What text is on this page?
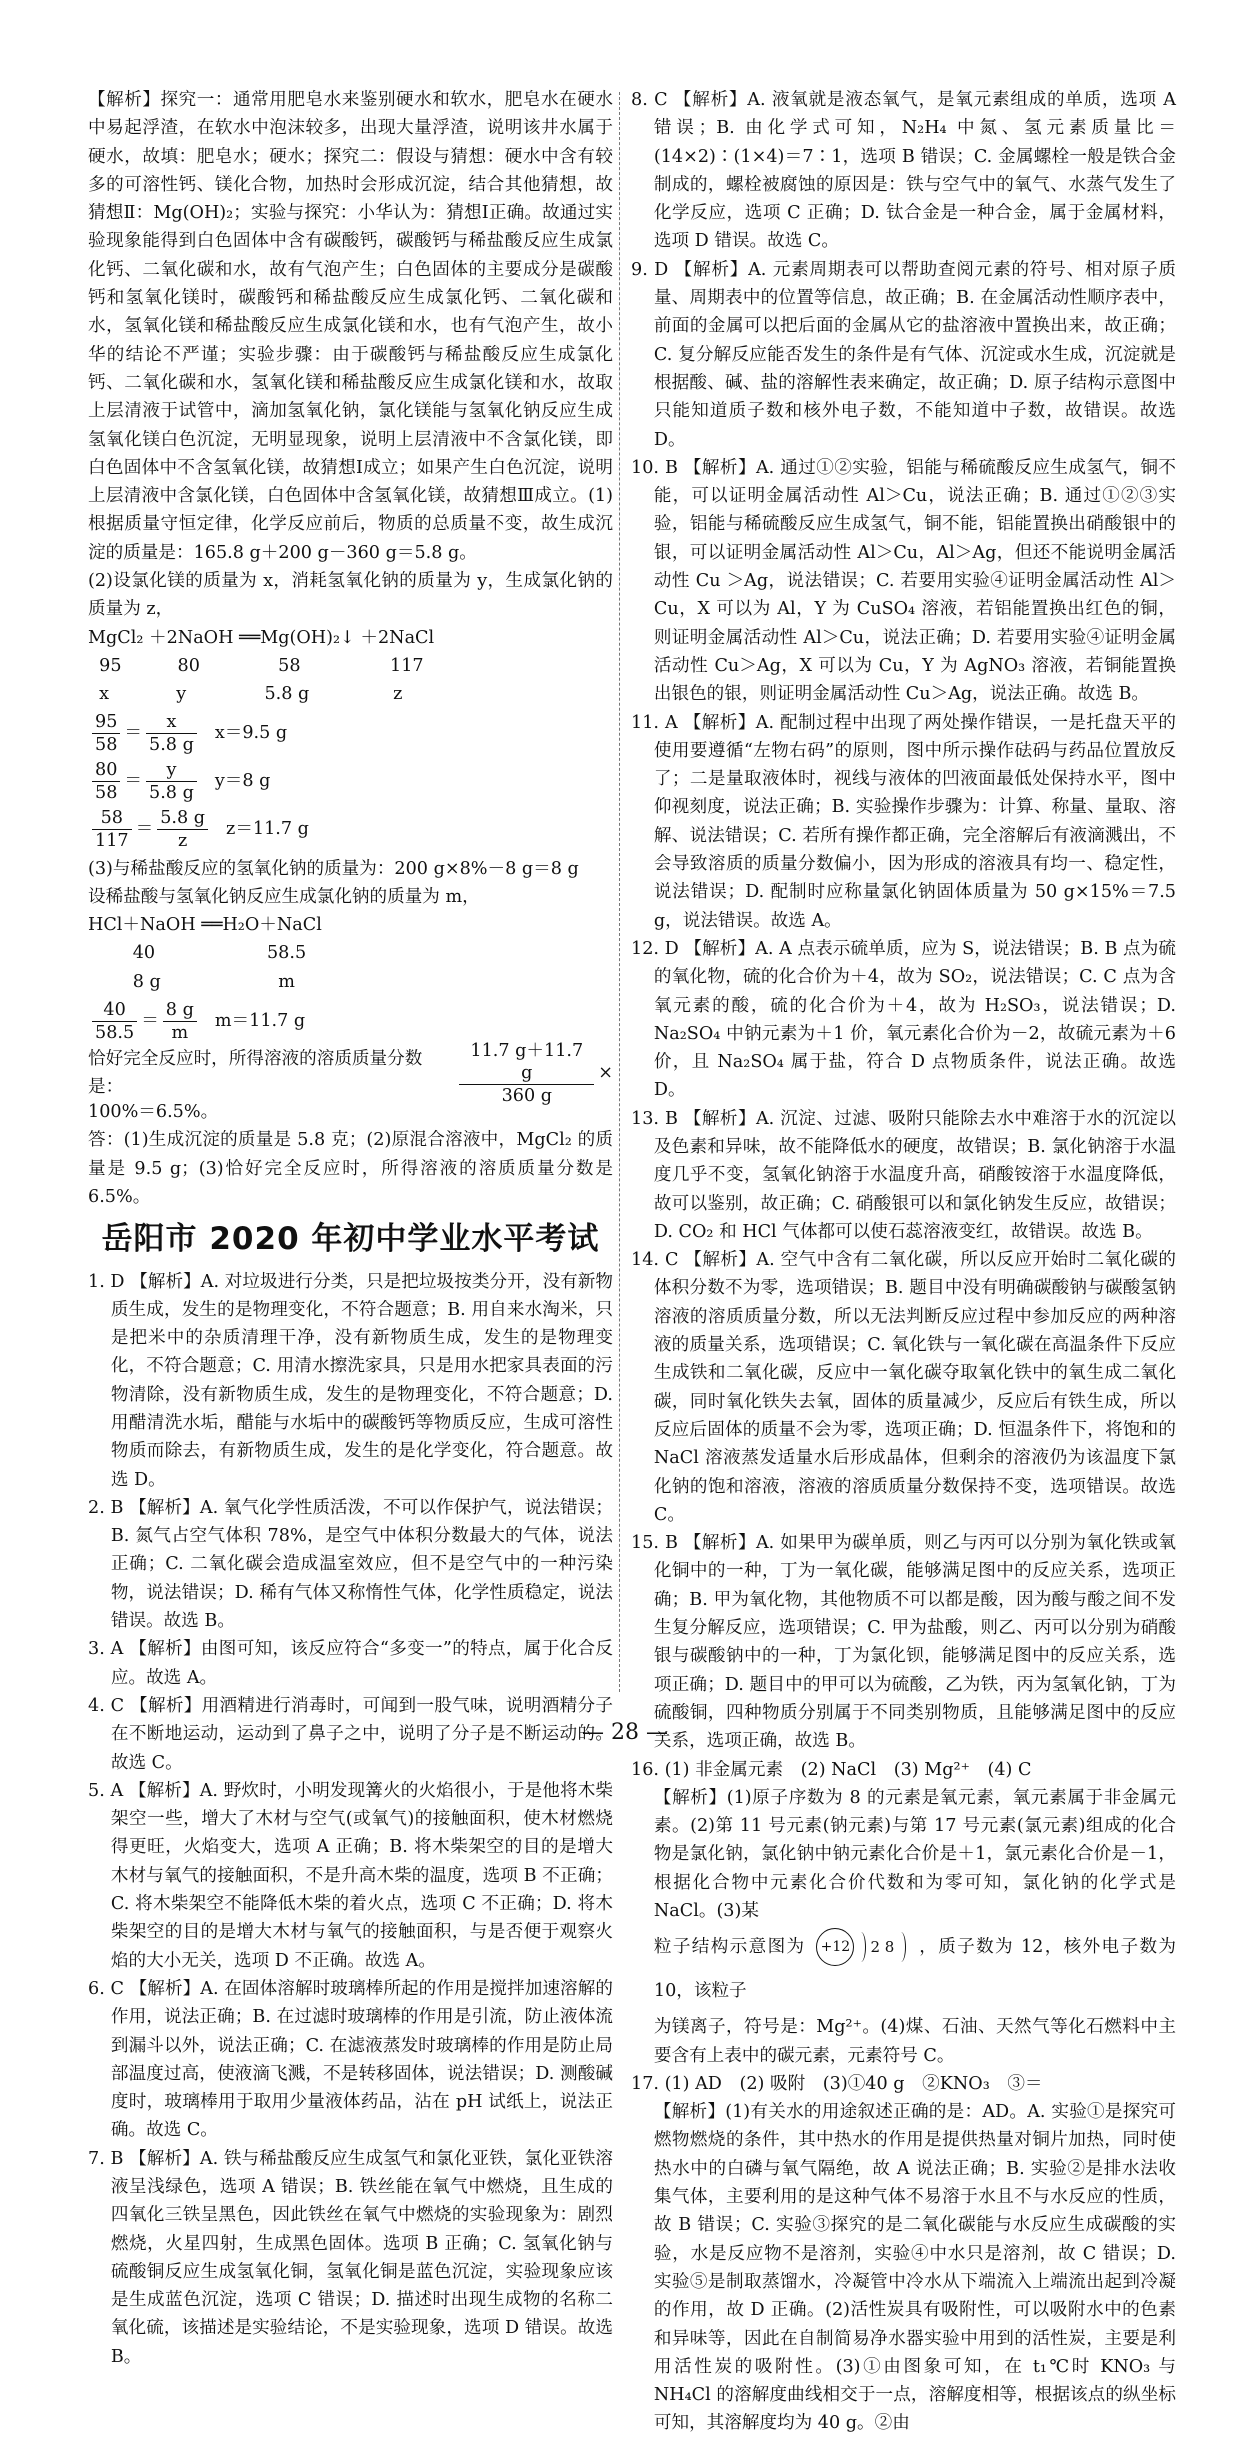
【解析】探究一：通常用肥皂水来鉴别硬水和软水，肥皂水在硬水中易起浮渣，在软水中泡沫较多，出现大量浮渣，说明该井水属于硬水，故填：肥皂水；硬水；探究二：假设与猜想：硬水中含有较多的可溶性钙、镁化合物，加热时会形成沉淀，结合其他猜想，故猜想Ⅱ：Mg(OH)₂；实验与探究：小华认为：猜想Ⅰ正确。故通过实验现象能得到白色固体中含有碳酸钙，碳酸钙与稀盐酸反应生成氯化钙、二氧化碳和水，故有气泡产生；白色固体的主要成分是碳酸钙和氢氧化镁时，碳酸钙和稀盐酸反应生成氯化钙、二氧化碳和水，氢氧化镁和稀盐酸反应生成氯化镁和水，也有气泡产生，故小华的结论不严谨；实验步骤：由于碳酸钙与稀盐酸反应生成氯化钙、二氧化碳和水，氢氧化镁和稀盐酸反应生成氯化镁和水，故取上层清液于试管中，滴加氢氧化钠，氯化镁能与氢氧化钠反应生成氢氧化镁白色沉淀，无明显现象，说明上层清液中不含氯化镁，即白色固体中不含氢氧化镁，故猜想Ⅰ成立；如果产生白色沉淀，说明上层清液中含氯化镁，白色固体中含氢氧化镁，故猜想Ⅲ成立。(1)根据质量守恒定律，化学反应前后，物质的总质量不变，故生成沉淀的质量是：165.8 g＋200 g－360 g＝5.8 g。

(2)设氯化镁的质量为 x，消耗氢氧化钠的质量为 y，生成氯化钠的质量为 z，

MgCl₂ ＋2NaOH ══Mg(OH)₂↓ ＋2NaCl

95          80              58                117

x            y              5.8 g               z

$\frac{95}{58} = \frac{x}{5.8 g} x=9.5$ g
$\frac{80}{58} = \frac{y}{5.8 g} y=8$ g
$\frac{58}{117} = \frac{5.8 g}{z} z=11.7$ g

(3)与稀盐酸反应的氢氧化钠的质量为：200 g×8%－8 g＝8 g

设稀盐酸与氢氧化钠反应生成氯化钠的质量为 m，

HCl＋NaOH ══H₂O＋NaCl

40                    58.5

8 g                     m

$\frac{40}{58.5} = \frac{8 g}{m} m=11.7$ g
恰好完全反应时，所得溶液的溶质质量分数是：	$\frac{11.7 g+11.7 g}{360 g}$ ×

100%＝6.5%。

答：(1)生成沉淀的质量是 5.8 克；(2)原混合溶液中，MgCl₂ 的质量是 9.5 g；(3)恰好完全反应时，所得溶液的溶质质量分数是 6.5%。

岳阳市 2020 年初中学业水平考试

1. D 【解析】A. 对垃圾进行分类，只是把垃圾按类分开，没有新物质生成，发生的是物理变化，不符合题意；B. 用自来水淘米，只是把米中的杂质清理干净，没有新物质生成，发生的是物理变化，不符合题意；C. 用清水擦洗家具，只是用水把家具表面的污物清除，没有新物质生成，发生的是物理变化，不符合题意；D. 用醋清洗水垢，醋能与水垢中的碳酸钙等物质反应，生成可溶性物质而除去，有新物质生成，发生的是化学变化，符合题意。故选 D。

2. B 【解析】A. 氧气化学性质活泼，不可以作保护气，说法错误；B. 氮气占空气体积 78%，是空气中体积分数最大的气体，说法正确；C. 二氧化碳会造成温室效应，但不是空气中的一种污染物，说法错误；D. 稀有气体又称惰性气体，化学性质稳定，说法错误。故选 B。

3. A 【解析】由图可知，该反应符合“多变一”的特点，属于化合反应。故选 A。

4. C 【解析】用酒精进行消毒时，可闻到一股气味，说明酒精分子在不断地运动，运动到了鼻子之中，说明了分子是不断运动的。故选 C。

5. A 【解析】A. 野炊时，小明发现篝火的火焰很小，于是他将木柴架空一些，增大了木材与空气(或氧气)的接触面积，使木材燃烧得更旺，火焰变大，选项 A 正确；B. 将木柴架空的目的是增大木材与氧气的接触面积，不是升高木柴的温度，选项 B 不正确；C. 将木柴架空不能降低木柴的着火点，选项 C 不正确；D. 将木柴架空的目的是增大木材与氧气的接触面积，与是否便于观察火焰的大小无关，选项 D 不正确。故选 A。

6. C 【解析】A. 在固体溶解时玻璃棒所起的作用是搅拌加速溶解的作用，说法正确；B. 在过滤时玻璃棒的作用是引流，防止液体流到漏斗以外，说法正确；C. 在滤液蒸发时玻璃棒的作用是防止局部温度过高，使液滴飞溅，不是转移固体，说法错误；D. 测酸碱度时，玻璃棒用于取用少量液体药品，沾在 pH 试纸上，说法正确。故选 C。

7. B 【解析】A. 铁与稀盐酸反应生成氢气和氯化亚铁，氯化亚铁溶液呈浅绿色，选项 A 错误；B. 铁丝能在氧气中燃烧，且生成的四氧化三铁呈黑色，因此铁丝在氧气中燃烧的实验现象为：剧烈燃烧，火星四射，生成黑色固体。选项 B 正确；C. 氢氧化钠与硫酸铜反应生成氢氧化铜，氢氧化铜是蓝色沉淀，实验现象应该是生成蓝色沉淀，选项 C 错误；D. 描述时出现生成物的名称二氧化硫，该描述是实验结论，不是实验现象，选项 D 错误。故选 B。

8. C 【解析】A. 液氧就是液态氧气，是氧元素组成的单质，选项 A 错误；B. 由化学式可知，N₂H₄ 中氮、氢元素质量比＝(14×2)∶(1×4)＝7∶1，选项 B 错误；C. 金属螺栓一般是铁合金制成的，螺栓被腐蚀的原因是：铁与空气中的氧气、水蒸气发生了化学反应，选项 C 正确；D. 钛合金是一种合金，属于金属材料，选项 D 错误。故选 C。

9. D 【解析】A. 元素周期表可以帮助查阅元素的符号、相对原子质量、周期表中的位置等信息，故正确；B. 在金属活动性顺序表中，前面的金属可以把后面的金属从它的盐溶液中置换出来，故正确；C. 复分解反应能否发生的条件是有气体、沉淀或水生成，沉淀就是根据酸、碱、盐的溶解性表来确定，故正确；D. 原子结构示意图中只能知道质子数和核外电子数，不能知道中子数，故错误。故选 D。

10. B 【解析】A. 通过①②实验，铝能与稀硫酸反应生成氢气，铜不能，可以证明金属活动性 Al＞Cu，说法正确；B. 通过①②③实验，铝能与稀硫酸反应生成氢气，铜不能，铝能置换出硝酸银中的银，可以证明金属活动性 Al＞Cu，Al＞Ag，但还不能说明金属活动性 Cu ＞Ag，说法错误；C. 若要用实验④证明金属活动性 Al＞Cu，X 可以为 Al，Y 为 CuSO₄ 溶液，若铝能置换出红色的铜，则证明金属活动性 Al＞Cu，说法正确；D. 若要用实验④证明金属活动性 Cu＞Ag，X 可以为 Cu，Y 为 AgNO₃ 溶液，若铜能置换出银色的银，则证明金属活动性 Cu＞Ag，说法正确。故选 B。

11. A 【解析】A. 配制过程中出现了两处操作错误，一是托盘天平的使用要遵循“左物右码”的原则，图中所示操作砝码与药品位置放反了；二是量取液体时，视线与液体的凹液面最低处保持水平，图中仰视刻度，说法正确；B. 实验操作步骤为：计算、称量、量取、溶解、说法错误；C. 若所有操作都正确，完全溶解后有液滴溅出，不会导致溶质的质量分数偏小，因为形成的溶液具有均一、稳定性，说法错误；D. 配制时应称量氯化钠固体质量为 50 g×15%＝7.5 g，说法错误。故选 A。

12. D 【解析】A. A 点表示硫单质，应为 S，说法错误；B. B 点为硫的氧化物，硫的化合价为＋4，故为 SO₂，说法错误；C. C 点为含氧元素的酸，硫的化合价为＋4，故为 H₂SO₃，说法错误；D. Na₂SO₄ 中钠元素为＋1 价，氧元素化合价为－2，故硫元素为＋6 价，且 Na₂SO₄ 属于盐，符合 D 点物质条件，说法正确。故选 D。

13. B 【解析】A. 沉淀、过滤、吸附只能除去水中难溶于水的沉淀以及色素和异味，故不能降低水的硬度，故错误；B. 氯化钠溶于水温度几乎不变，氢氧化钠溶于水温度升高，硝酸铵溶于水温度降低，故可以鉴别，故正确；C. 硝酸银可以和氯化钠发生反应，故错误；D. CO₂ 和 HCl 气体都可以使石蕊溶液变红，故错误。故选 B。

14. C 【解析】A. 空气中含有二氧化碳，所以反应开始时二氧化碳的体积分数不为零，选项错误；B. 题目中没有明确碳酸钠与碳酸氢钠溶液的溶质质量分数，所以无法判断反应过程中参加反应的两种溶液的质量关系，选项错误；C. 氧化铁与一氧化碳在高温条件下反应生成铁和二氧化碳，反应中一氧化碳夺取氧化铁中的氧生成二氧化碳，同时氧化铁失去氧，固体的质量减少，反应后有铁生成，所以反应后固体的质量不会为零，选项正确；D. 恒温条件下，将饱和的 NaCl 溶液蒸发适量水后形成晶体，但剩余的溶液仍为该温度下氯化钠的饱和溶液，溶液的溶质质量分数保持不变，选项错误。故选 C。

15. B 【解析】A. 如果甲为碳单质，则乙与丙可以分别为氧化铁或氧化铜中的一种，丁为一氧化碳，能够满足图中的反应关系，选项正确；B. 甲为氧化物，其他物质不可以都是酸，因为酸与酸之间不发生复分解反应，选项错误；C. 甲为盐酸，则乙、丙可以分别为硝酸银与碳酸钠中的一种，丁为氯化钡，能够满足图中的反应关系，选项正确；D. 题目中的甲可以为硫酸，乙为铁，丙为氢氧化钠，丁为硫酸铜，四种物质分别属于不同类别物质，且能够满足图中的反应关系，选项正确，故选 B。

16. (1) 非金属元素　(2) NaCl　(3) Mg²⁺　(4) C

【解析】(1)原子序数为 8 的元素是氧元素，氧元素属于非金属元素。(2)第 11 号元素(钠元素)与第 17 号元素(氯元素)组成的化合物是氯化钠，氯化钠中钠元素化合价是＋1，氯元素化合价是－1，根据化合物中元素化合价代数和为零可知，氯化钠的化学式是 NaCl。(3)某

粒子结构示意图为	+12 2 8 ，质子数为 12，核外电子数为 10，该粒子

为镁离子，符号是：Mg²⁺。(4)煤、石油、天然气等化石燃料中主要含有上表中的碳元素，元素符号 C。

17. (1) AD　(2) 吸附　(3)①40 g　②KNO₃　③＝

【解析】(1)有关水的用途叙述正确的是：AD。A. 实验①是探究可燃物燃烧的条件，其中热水的作用是提供热量对铜片加热，同时使热水中的白磷与氧气隔绝，故 A 说法正确；B. 实验②是排水法收集气体，主要利用的是这种气体不易溶于水且不与水反应的性质，故 B 错误；C. 实验③探究的是二氧化碳能与水反应生成碳酸的实验，水是反应物不是溶剂，实验④中水只是溶剂，故 C 错误；D. 实验⑤是制取蒸馏水，冷凝管中冷水从下端流入上端流出起到冷凝的作用，故 D 正确。(2)活性炭具有吸附性，可以吸附水中的色素和异味等，因此在自制简易净水器实验中用到的活性炭，主要是利用活性炭的吸附性。(3)①由图象可知，在 t₁℃时 KNO₃ 与 NH₄Cl 的溶解度曲线相交于一点，溶解度相等，根据该点的纵坐标可知，其溶解度均为 40 g。②由

— 28 —
